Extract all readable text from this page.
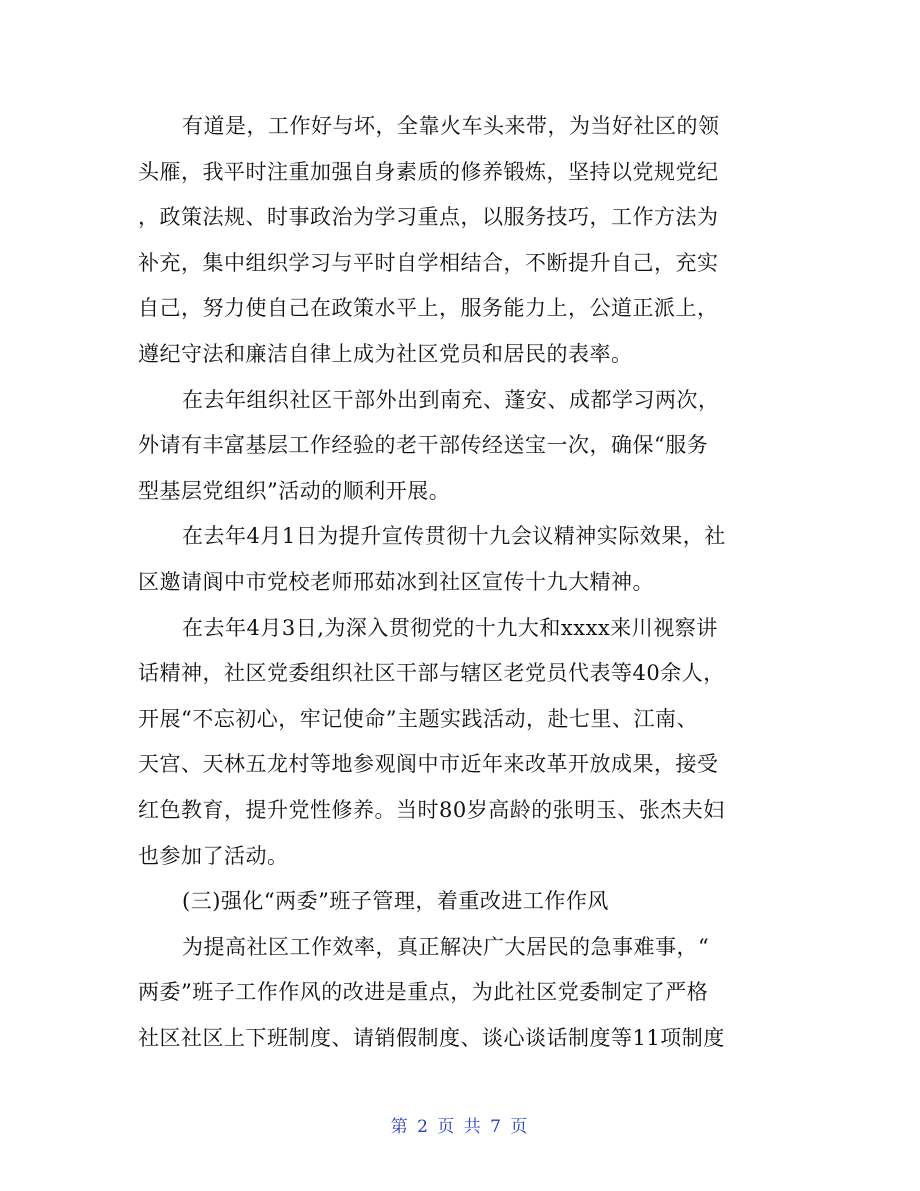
有道是，工作好与坏，全靠火车头来带，为当好社区的领
头雁，我平时注重加强自身素质的修养锻炼，坚持以党规党纪
，政策法规、时事政治为学习重点，以服务技巧，工作方法为
补充，集中组织学习与平时自学相结合，不断提升自己，充实
自己，努力使自己在政策水平上，服务能力上，公道正派上，
遵纪守法和廉洁自律上成为社区党员和居民的表率。
在去年组织社区干部外出到南充、蓬安、成都学习两次，
外请有丰富基层工作经验的老干部传经送宝一次，确保“服务
型基层党组织”活动的顺利开展。
在去年4月1日为提升宣传贯彻十九会议精神实际效果，社
区邀请阆中市党校老师邢茹冰到社区宣传十九大精神。
在去年4月3日,为深入贯彻党的十九大和xxxx来川视察讲
话精神，社区党委组织社区干部与辖区老党员代表等40余人，
开展“不忘初心，牢记使命”主题实践活动，赴七里、江南、
天宫、天林五龙村等地参观阆中市近年来改革开放成果，接受
红色教育，提升党性修养。当时80岁高龄的张明玉、张杰夫妇
也参加了活动。
(三)强化“两委”班子管理，着重改进工作作风
为提高社区工作效率，真正解决广大居民的急事难事，“
两委”班子工作作风的改进是重点，为此社区党委制定了严格
社区社区上下班制度、请销假制度、谈心谈话制度等11项制度
第 2 页 共 7 页
